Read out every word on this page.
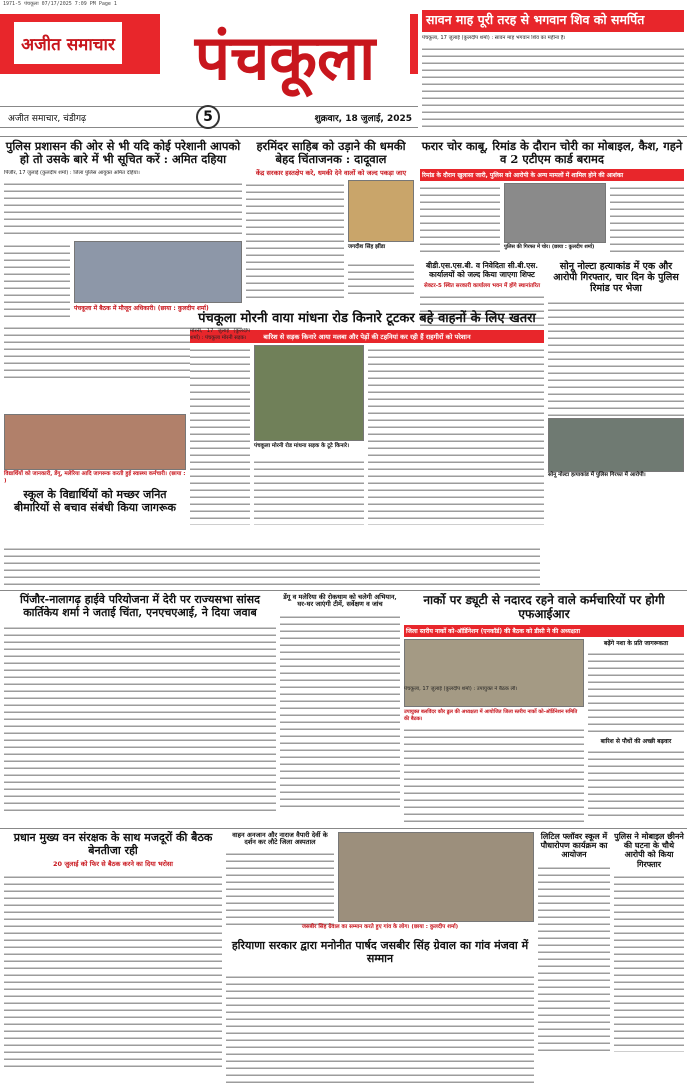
1971-5 पंचकूला 07/17/2025 7:09 PM Page 1
अजीत समाचार	पंचकूला
अजीत समाचार, चंडीगढ़	5	शुक्रवार, 18 जुलाई, 2025
सावन माह पूरी तरह से भगवान शिव को समर्पित
पंचकूला, 17 जुलाई (कुलदीप शर्मा) : सावन माह भगवान शिव का महीना है।
पुलिस प्रशासन की ओर से भी यदि कोई परेशानी आपको हो तो उसके बारे में भी सूचित करें : अमित दहिया
पिंजौर, 17 जुलाई (कुलदीप शर्मा) : जिला पुलिस आयुक्त अमित दहिया।
पंचकूला में बैठक में मौजूद अधिकारी। (छाया : कुलदीप शर्मा)
हरमिंदर साहिब को उड़ाने की धमकी बेहद चिंताजनक : दादूवाल
केंद्र सरकार हस्तक्षेप करे, धमकी देने वालों को जल्द पकड़ा जाए
जगदीश सिंह झींडा
फरार चोर काबू, रिमांड के दौरान चोरी का मोबाइल, कैश, गहने व 2 एटीएम कार्ड बरामद
रिमांड के दौरान खुलासा जारी, पुलिस को आरोपी के अन्य मामलों में शामिल होने की आशंका
पुलिस की गिरफ्त में चोर। (छाया : कुलदीप शर्मा)
बीडी.एस.एस.बी. व निवेदिता सी.बी.एस. कार्यालयों को जल्द किया जाएगा शिफ्ट
सेक्टर-5 स्थित सरकारी कार्यालय भवन में होंगे स्थानांतरित
सोनू नोल्टा हत्याकांड में एक और आरोपी गिरफ्तार, चार दिन के पुलिस रिमांड पर भेजा
सोनू नोल्टा हत्याकांड में पुलिस गिरफ्त में आरोपी।
पंचकूला मोरनी वाया मांधना रोड किनारे टूटकर बहे वाहनों के लिए खतरा
बारिश से सड़क किनारे आया मलबा और पेड़ों की टहनियां कर रही हैं राहगीरों को परेशान
पंचकूला मोरनी रोड मांधना सड़क के टूटे किनारे।
विद्यार्थियों को जानकारी, डेंगू, मलेरिया आदि जागरूक करती हुई स्वास्थ्य कर्मचारी। (छाया : )
स्कूल के विद्यार्थियों को मच्छर जनित बीमारियों से बचाव संबंधी किया जागरूक
पिंजौर-नालागढ़ हाईवे परियोजना में देरी पर राज्यसभा सांसद कार्तिकेय शर्मा ने जताई चिंता, एनएचएआई, ने दिया जवाब
डेंगू व मलेरिया की रोकथाम को चलेगी अभियान, घर-घर जाएंगी टीमें, सर्वेक्षण व जांच	नार्को पर ड्यूटी से नदारद रहने वाले कर्मचारियों पर होगी एफआईआर
जिला स्तरीय नार्को को-ऑर्डिनेशन (एनकॉर्ड) की बैठक को डीसी ने की अध्यक्षता
उपायुक्त बलविंदर कौर ढुल की अध्यक्षता में आयोजित जिला स्तरीय नार्को को-ऑर्डिनेशन समिति की बैठक।
बढ़ेंगे नशा के प्रति जागरूकता
बारिश से पौधों की अच्छी बढ़वार
प्रधान मुख्य वन संरक्षक के साथ मजदूरों की बैठक बेनतीजा रही
20 जुलाई को फिर से बैठक करने का दिया भरोसा
वाहन अनजान और नाराज वैपारी देवीं के दर्शन कर लौटे जिला अस्पताल
जसबीर सिंह ग्रेवाल का सम्मान करते हुए गांव के लोग। (छाया : कुलदीप शर्मा)
हरियाणा सरकार द्वारा मनोनीत पार्षद जसबीर सिंह ग्रेवाल का गांव मंजवा में सम्मान
लिटिल फ्लॉवर स्कूल में पौधारोपण कार्यक्रम का आयोजन
पुलिस ने मोबाइल छीनने की घटना के चौथे आरोपी को किया गिरफ्तार
मोरनी, 17 जुलाई (कुलदीप शर्मा) : पंचकूला मोरनी सड़क।
पंचकूला, 17 जुलाई (कुलदीप शर्मा) : उपायुक्त ने बैठक ली।
